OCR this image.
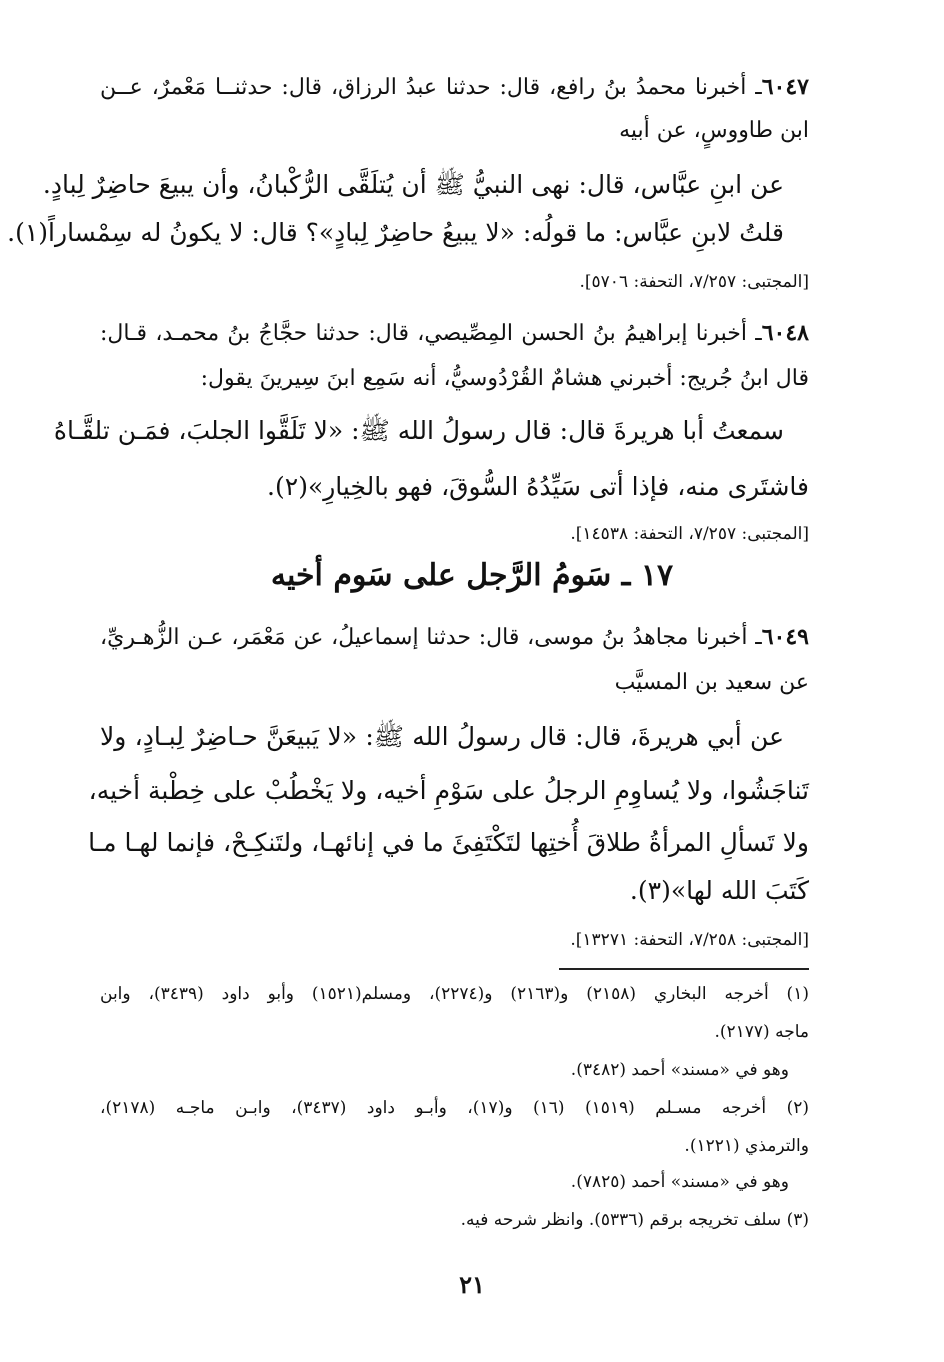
٦٠٤٧ـ أخبرنا محمدُ بنُ رافع، قال: حدثنا عبدُ الرزاق، قال: حدثنــا مَعْمرٌ، عــن
ابن طاووسٍ، عن أبيه
عن ابنِ عبَّاس، قال: نهى النبيُّ ﷺ أن يُتلَقَّى الرُّكْبانُ، وأن يبيعَ حاضِرٌ لِبادٍ.
قلتُ لابنِ عبَّاس: ما قولُه: «لا يبيعُ حاضِرٌ لِبادٍ»؟ قال: لا يكونُ له سِمْساراً(١).
[المجتبى: ٧/٢٥٧، التحفة: ٥٧٠٦].
٦٠٤٨ـ أخبرنا إبراهيمُ بنُ الحسن المِصِّيصي، قال: حدثنا حجَّاجُ بنُ محمـد، قـال:
قال ابنُ جُريج: أخبرني هشامٌ القُرْدُوسيُّ، أنه سَمِع ابنَ سِيرينَ يقول:
سمعتُ أبا هريرةَ قال: قال رسولُ الله ﷺ: «لا تَلَقَّوا الجلبَ، فمَـن تلقَّـاهُ
فاشتَرى منه، فإذا أتى سَيِّدُهُ السُّوقَ، فهو بالخِيارِ»(٢).
[المجتبى: ٧/٢٥٧، التحفة: ١٤٥٣٨].
١٧ ـ سَومُ الرَّجل على سَوم أخيه
٦٠٤٩ـ أخبرنا مجاهدُ بنُ موسى، قال: حدثنا إسماعيلُ، عن مَعْمَر، عـن الزُّهـريِّ،
عن سعيد بن المسيَّب
عن أبي هريرةَ، قال: قال رسولُ الله ﷺ: «لا يَبيعَنَّ حـاضِرٌ لِبـادٍ، ولا
تَناجَشُوا، ولا يُساوِمِ الرجلُ على سَوْمِ أخيه، ولا يَخْطُبْ على خِطْبة أخيه،
ولا تَسألِ المرأةُ طلاقَ أُختِها لتَكْتَفِئَ ما في إنائهـا، ولتَنكِـحْ، فإنما لهـا مـا
كَتَبَ الله لها»(٣).
[المجتبى: ٧/٢٥٨، التحفة: ١٣٢٧١].
(١) أخرجه البخاري (٢١٥٨) و(٢١٦٣) و(٢٢٧٤)، ومسلم(١٥٢١) وأبو داود (٣٤٣٩)، وابن
ماجه (٢١٧٧).
وهو في «مسند» أحمد (٣٤٨٢).
(٢) أخرجه مسـلم (١٥١٩) (١٦) و(١٧)، وأبـو داود (٣٤٣٧)، وابـن ماجـه (٢١٧٨)،
والترمذي (١٢٢١).
وهو في «مسند» أحمد (٧٨٢٥).
(٣) سلف تخريجه برقم (٥٣٣٦). وانظر شرحه فيه.
٢١
